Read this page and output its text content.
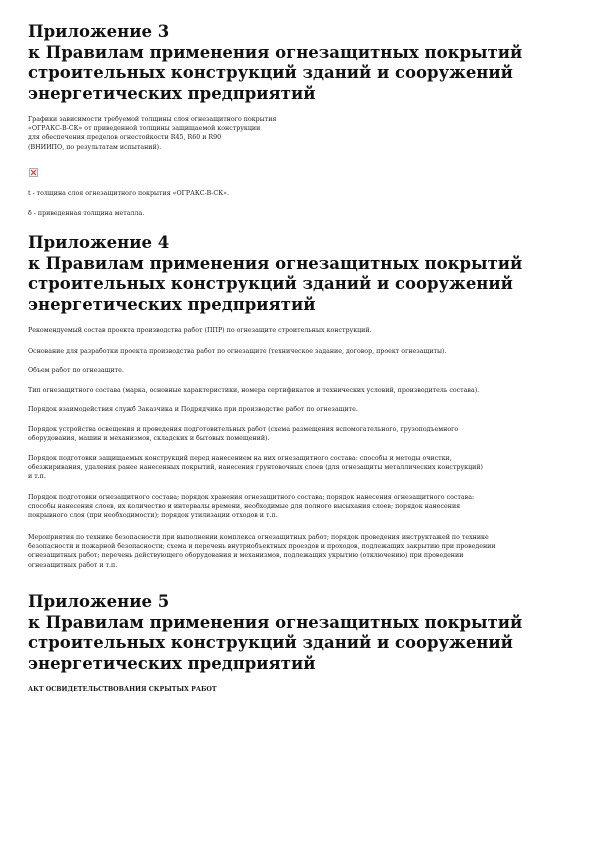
Приложение 3
к Правилам применения огнезащитных покрытий
строительных конструкций зданий и сооружений
энергетических предприятий
Графики зависимости требуемой толщины слоя огнезащитного покрытия
«ОГРАКС-В-СК» от приведенной толщины защищаемой конструкции
для обеспечения пределов огнестойкости R45, R60 и R90
(ВНИИПО, по результатам испытаний).

t - толщина слоя огнезащитного покрытия «ОГРАКС-В-СК».

δ - приведенная толщина металла.

Приложение 4
к Правилам применения огнезащитных покрытий
строительных конструкций зданий и сооружений
энергетических предприятий
Рекомендуемый состав проекта производства работ (ППР) по огнезащите строительных конструкций.
Основание для разработки проекта производства работ по огнезащите (техническое задание, договор, проект огнезащиты).
Объем работ по огнезащите.
Тип огнезащитного состава (марка, основные характеристики, номера сертификатов и технических условий, производитель состава).
Порядок взаимодействия служб Заказчика и Подрядчика при производстве работ по огнезащите.
Порядок устройства освещения и проведения подготовительных работ (схема размещения вспомогательного, грузоподъемного
оборудования, машин и механизмов, складских и бытовых помещений).
Порядок подготовки защищаемых конструкций перед нанесением на них огнезащитного состава: способы и методы очистки,
обезжиривания, удаления ранее нанесенных покрытий, нанесения грунтовочных слоев (для огнезащиты металлических конструкций)
и т.п.
Порядок подготовки огнезащитного состава; порядок хранения огнезащитного состава; порядок нанесения огнезащитного состава:
способы нанесения слоев, их количество и интервалы времени, необходимые для полного высыхания слоев; порядок нанесения
покрывного слоя (при необходимости); порядок утилизации отходов и т.п.
Мероприятия по технике безопасности при выполнении комплекса огнезащитных работ; порядок проведения инструктажей по технике
безопасности и пожарной безопасности; схема и перечень внутриобъектных проездов и проходов, подлежащих закрытию при проведении
огнезащитных работ; перечень действующего оборудования и механизмов, подлежащих укрытию (отключению) при проведении
огнезащитных работ и т.п.
Приложение 5
к Правилам применения огнезащитных покрытий
строительных конструкций зданий и сооружений
энергетических предприятий

АКТ ОСВИДЕТЕЛЬСТВОВАНИЯ СКРЫТЫХ РАБОТ
